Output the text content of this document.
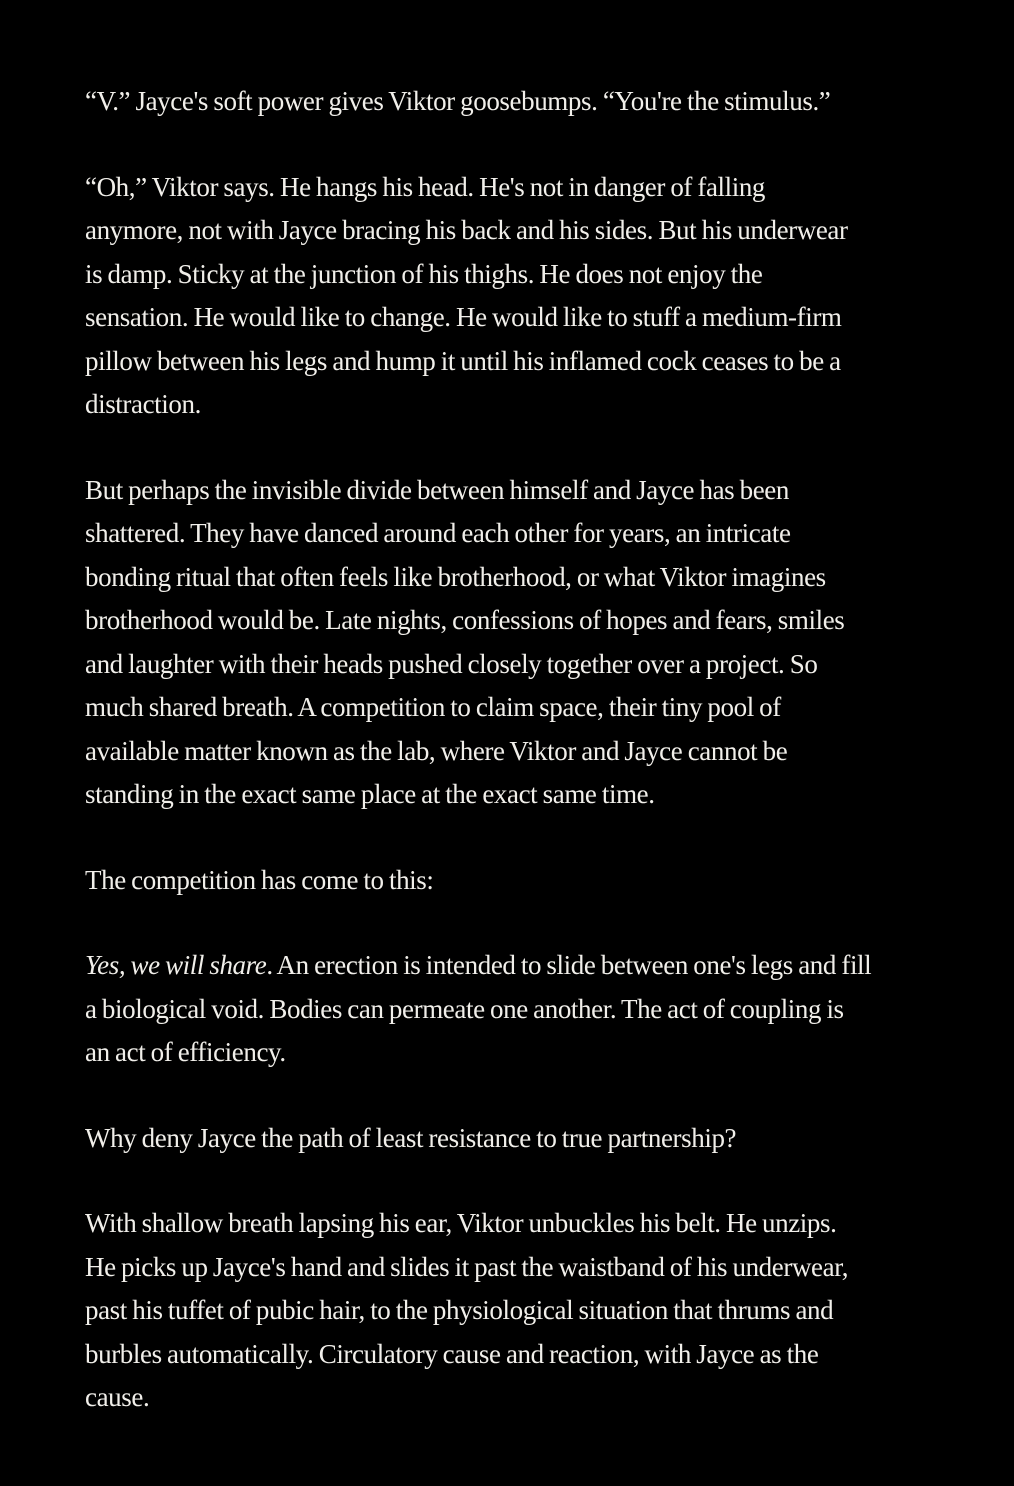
“V.” Jayce's soft power gives Viktor goosebumps. “You're the stimulus.”

“Oh,” Viktor says. He hangs his head. He's not in danger of falling
anymore, not with Jayce bracing his back and his sides. But his underwear
is damp. Sticky at the junction of his thighs. He does not enjoy the
sensation. He would like to change. He would like to stuff a medium-firm
pillow between his legs and hump it until his inflamed cock ceases to be a
distraction.

But perhaps the invisible divide between himself and Jayce has been
shattered. They have danced around each other for years, an intricate
bonding ritual that often feels like brotherhood, or what Viktor imagines
brotherhood would be. Late nights, confessions of hopes and fears, smiles
and laughter with their heads pushed closely together over a project. So
much shared breath. A competition to claim space, their tiny pool of
available matter known as the lab, where Viktor and Jayce cannot be
standing in the exact same place at the exact same time.

The competition has come to this:

Yes, we will share. An erection is intended to slide between one's legs and fill
a biological void. Bodies can permeate one another. The act of coupling is
an act of efficiency.

Why deny Jayce the path of least resistance to true partnership?

With shallow breath lapsing his ear, Viktor unbuckles his belt. He unzips.
He picks up Jayce's hand and slides it past the waistband of his underwear,
past his tuffet of pubic hair, to the physiological situation that thrums and
burbles automatically. Circulatory cause and reaction, with Jayce as the
cause.
